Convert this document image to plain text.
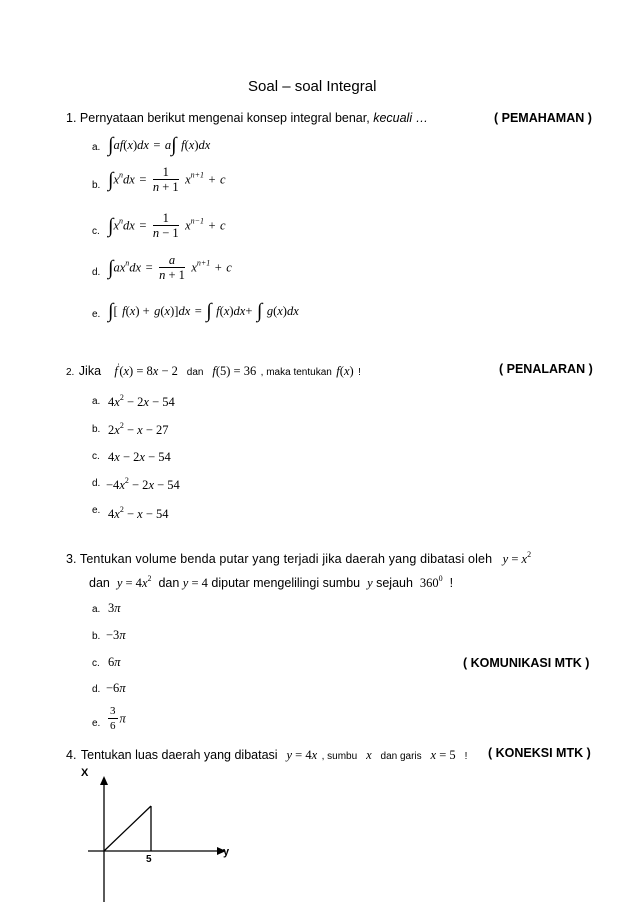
Soal – soal Integral
1. Pernyataan berikut mengenai konsep integral benar, kecuali …	( PEMAHAMAN )
a. ∫af(x)dx = a∫ f(x)dx
b. $\int x^ndx = \frac{1}{n + 1} x^{n+1} + c$
c. $\int x^ndx = \frac{1}{n - 1} x^{n-1} + c$
d. $\int ax^ndx = \frac{a}{n + 1} x^{n+1} + c$
e. ∫[ f(x) + g(x)]dx = ∫ f(x)dx+ ∫ g(x)dx
2. Jika f'(x) = 8x − 2 dan f(5) = 36 , maka tentukan f(x) !	( PENALARAN )
a. $4x^2 - 2x - 54$
b. $2x^2 - x - 27$
c. 4x − 2x − 54
d. $-4x^2 - 2x - 54$
e. $4x^2 - x - 54$
3. Tentukan volume benda putar yang terjadi jika daerah yang dibatasi oleh $y = x^2$
dan $y = 4x^2$ dan y = 4 diputar mengelilingi sumbu y sejauh $360^0$ !
a. 3π
b. −3π
c. 6π	( KOMUNIKASI MTK )
d. −6π
e. $\frac{3}{6}$ π
4. Tentukan luas daerah yang dibatasi y = 4x , sumbu x dan garis x = 5 ! ( KONEKSI MTK )
X
y
5
